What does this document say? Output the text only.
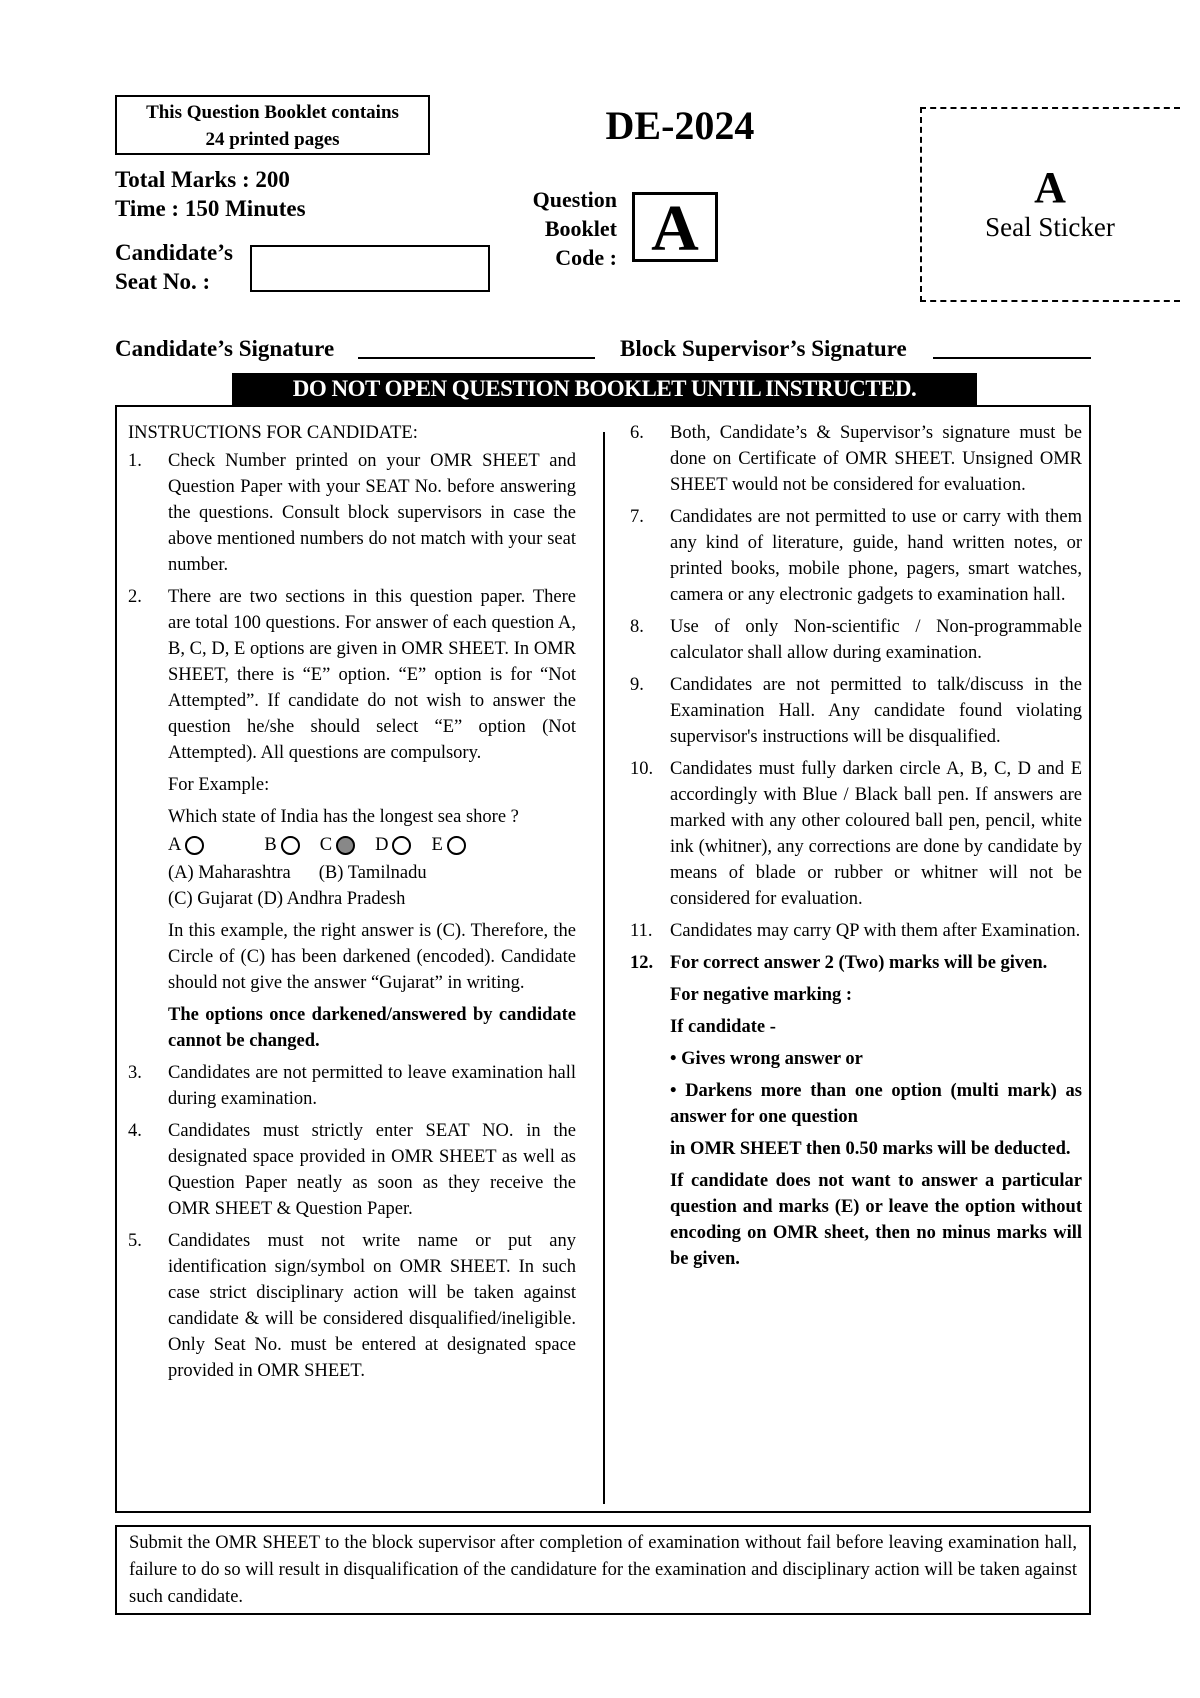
This Question Booklet contains
24 printed pages	DE-2024
Total Marks : 200
Time : 150 Minutes
Candidate’s
Seat No. :
Question
Booklet
Code : A
A
Seal Sticker
Candidate’s Signature	Block Supervisor’s Signature
DO NOT OPEN QUESTION BOOKLET UNTIL INSTRUCTED.
INSTRUCTIONS FOR CANDIDATE:
1.	Check Number printed on your OMR SHEET and Question Paper with your SEAT No. before answering the questions. Consult block supervisors in case the above mentioned numbers do not match with your seat number.
2.	There are two sections in this question paper. There are total 100 questions. For answer of each question A, B, C, D, E options are given in OMR SHEET. In OMR SHEET, there is “E” option. “E” option is for “Not Attempted”. If candidate do not wish to answer the question he/she should select “E” option (Not Attempted). All questions are compulsory.
For Example:
Which state of India has the longest sea shore ?
A	B C D E
(A) Maharashtra (B) Tamilnadu
(C) Gujarat (D) Andhra Pradesh
In this example, the right answer is (C). Therefore, the Circle of (C) has been darkened (encoded). Candidate should not give the answer “Gujarat” in writing.
The options once darkened/answered by candidate cannot be changed.
3.	Candidates are not permitted to leave examination hall during examination.
4.	Candidates must strictly enter SEAT NO. in the designated space provided in OMR SHEET as well as Question Paper neatly as soon as they receive the OMR SHEET & Question Paper.
5.	Candidates must not write name or put any identification sign/symbol on OMR SHEET. In such case strict disciplinary action will be taken against candidate & will be considered disqualified/ineligible. Only Seat No. must be entered at designated space provided in OMR SHEET.
6.	Both, Candidate’s & Supervisor’s signature must be done on Certificate of OMR SHEET. Unsigned OMR SHEET would not be considered for evaluation.
7.	Candidates are not permitted to use or carry with them any kind of literature, guide, hand written notes, or printed books, mobile phone, pagers, smart watches, camera or any electronic gadgets to examination hall.
8.	Use of only Non-scientific / Non-programmable calculator shall allow during examination.
9.	Candidates are not permitted to talk/discuss in the Examination Hall. Any candidate found violating supervisor's instructions will be disqualified.
10. Candidates must fully darken circle A, B, C, D and E accordingly with Blue / Black ball pen. If answers are marked with any other coloured ball pen, pencil, white ink (whitner), any corrections are done by candidate by means of blade or rubber or whitner will not be considered for evaluation.
11. Candidates may carry QP with them after Examination.
12. For correct answer 2 (Two) marks will be given.
For negative marking :
If candidate -
• Gives wrong answer or
• Darkens more than one option (multi mark) as answer for one question
in OMR SHEET then 0.50 marks will be deducted.
If candidate does not want to answer a particular question and marks (E) or leave the option without encoding on OMR sheet, then no minus marks will be given.
Submit the OMR SHEET to the block supervisor after completion of examination without fail before leaving examination hall, failure to do so will result in disqualification of the candidature for the examination and disciplinary action will be taken against such candidate.
